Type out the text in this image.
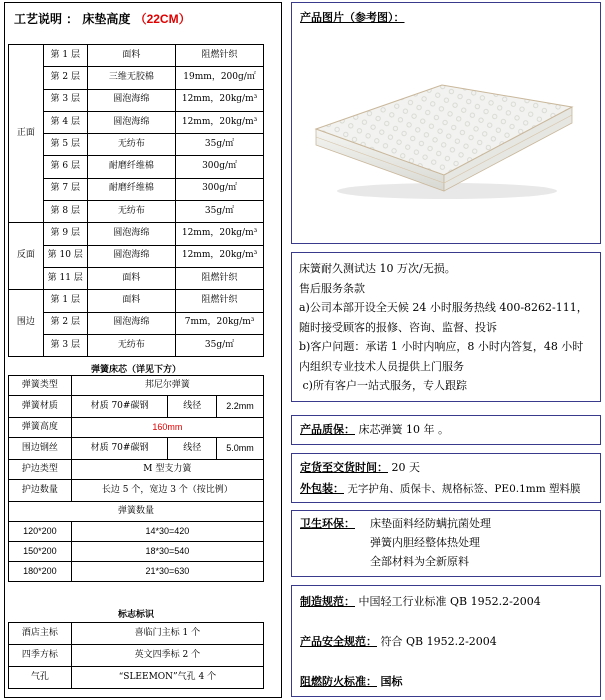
工艺说明 ： 床垫高度 （22CM）
正面	第 1 层	面料	阻燃针织
	第 2 层	三维无胶棉	19mm，200g/㎡
	第 3 层	圆泡海绵	12mm，20kg/m³
	第 4 层	圆泡海绵	12mm，20kg/m³
	第 5 层	无纺布	35g/㎡
	第 6 层	耐磨纤维棉	300g/㎡
	第 7 层	耐磨纤维棉	300g/㎡
	第 8 层	无纺布	35g/㎡
反面	第 9 层	圆泡海绵	12mm，20kg/m³
	第 10 层	圆泡海绵	12mm，20kg/m³
	第 11 层	面料	阻燃针织
围边	第 1 层	面料	阻燃针织
	第 2 层	圆泡海绵	7mm，20kg/m³
	第 3 层	无纺布	35g/㎡
弹簧床芯（详见下方）
弹簧类型	邦尼尔弹簧		
弹簧材质	材质 70#碳钢	线径	2.2mm
弹簧高度	160mm		
围边钢丝	材质 70#碳钢	线径	5.0mm
护边类型	M 型支力簧		
护边数量	长边 5 个，宽边 3 个（按比例）		
弹簧数量			
120*200	14*30=420		
150*200	18*30=540		
180*200	21*30=630		
标志标识
酒店主标	喜临门主标 1 个
四季方标	英文四季标 2 个
气孔	“SLEEMON”气孔 4 个
产品图片（参考图）：
床簧耐久测试达 10 万次/无损。
售后服务条款
a)公司本部开设全天候 24 小时服务热线 400-8262-111，
随时接受顾客的报修、咨询、监督、投诉
b)客户问题：承诺 1 小时内响应，8 小时内答复，48 小时
内组织专业技术人员提供上门服务
c)所有客户一站式服务，专人跟踪
产品质保： 床芯弹簧 10 年 。
定货至交货时间： 20 天
外包装： 无字护角、质保卡、规格标签、PE0.1mm 塑料膜
卫生环保： 床垫面料经防螨抗菌处理
弹簧内胆经整体热处理
全部材料为全新原料
制造规范： 中国轻工行业标准 QB 1952.2-2004
产品安全规范： 符合 QB 1952.2-2004
阻燃防火标准： 国标
